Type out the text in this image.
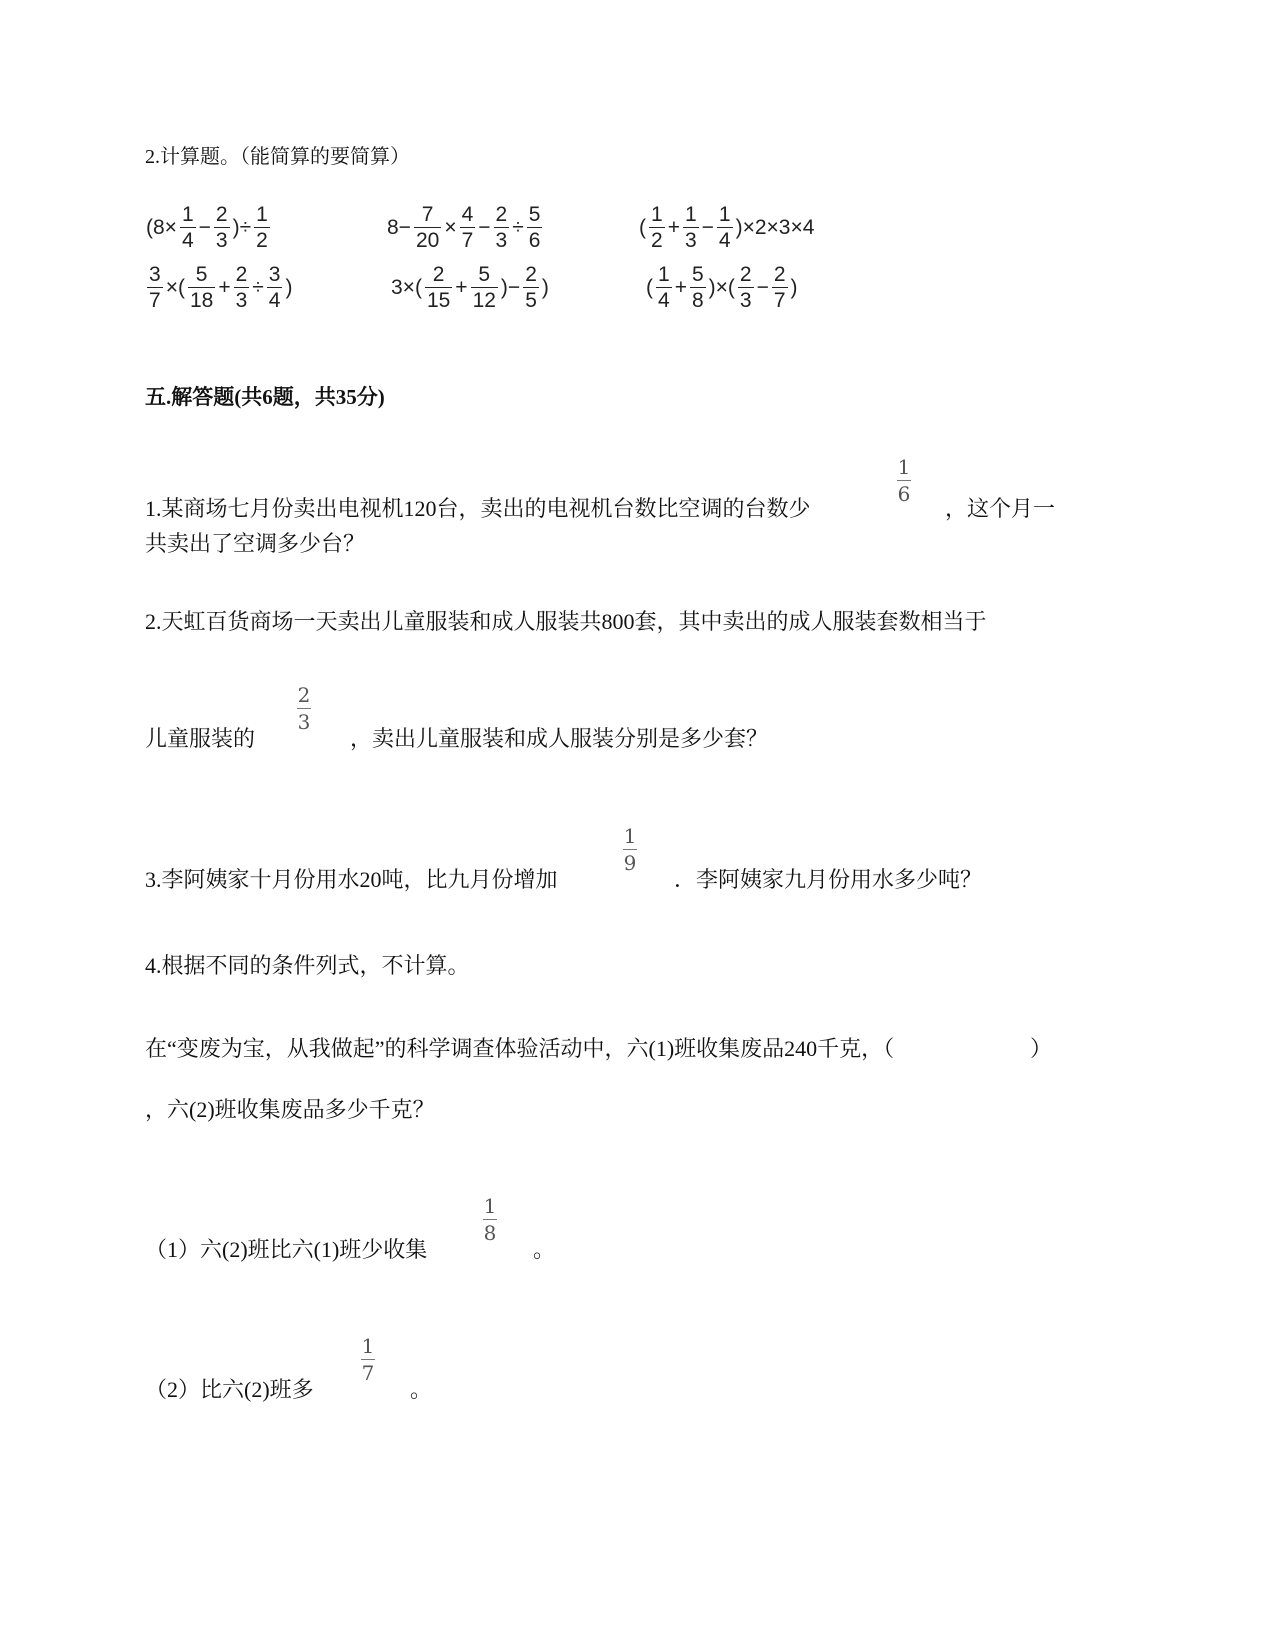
2.计算题。（能简算的要简算）
($8\times \frac{1}{4} - \frac{2}{3}$ )÷ $\frac{1}{2}$	$8- \frac{7}{20} \times \frac{4}{7} - \frac{2}{3} \div \frac{5}{6}$	( $\frac{1}{2} + \frac{1}{3} - \frac{1}{4} )\times 2\times 3\times 4$
$\frac{3}{7}$ ×( $\frac{5}{18} + \frac{2}{3} \div \frac{3}{4}$ )	$3\times( \frac{2}{15} + \frac{5}{12}$ )− $\frac{2}{5}$ )	( $\frac{1}{4} + \frac{5}{8}$ )×( $\frac{2}{3} - \frac{2}{7}$ )
五.解答题(共6题，共35分)
1.某商场七月份卖出电视机120台，卖出的电视机台数比空调的台数少
1
6
，这个月一
共卖出了空调多少台？
2.天虹百货商场一天卖出儿童服装和成人服装共800套，其中卖出的成人服装套数相当于
儿童服装的
2
3
，卖出儿童服装和成人服装分别是多少套？
3.李阿姨家十月份用水20吨，比九月份增加
1
9
．李阿姨家九月份用水多少吨？
4.根据不同的条件列式，不计算。
在“变废为宝，从我做起”的科学调查体验活动中，六(1)班收集废品240千克，（	）
，六(2)班收集废品多少千克？
（1）六(2)班比六(1)班少收集
1
8
。
（2）比六(2)班多
1
7
。
